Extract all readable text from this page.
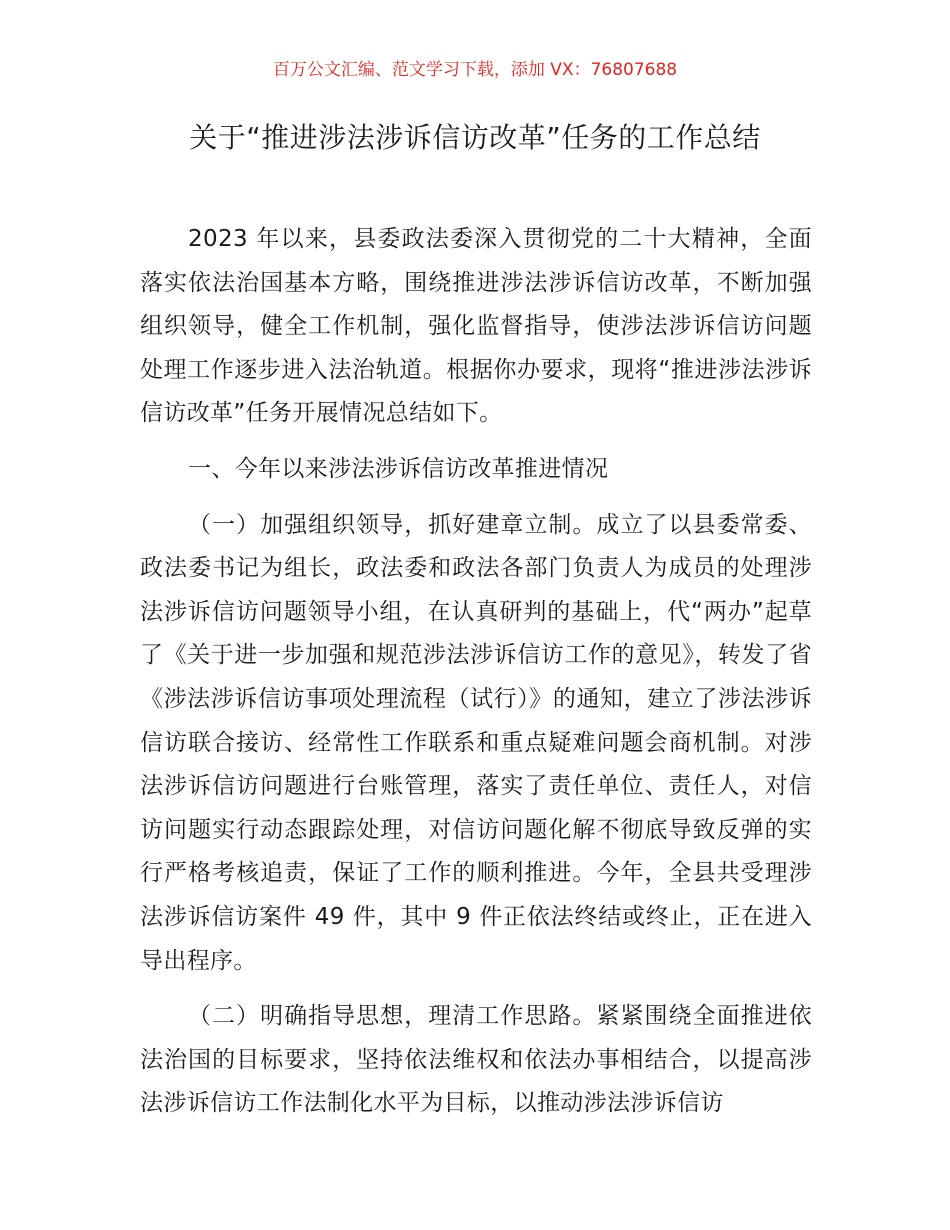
百万公文汇编、范文学习下载，添加 VX：76807688
关于“推进涉法涉诉信访改革”任务的工作总结

2023 年以来，县委政法委深入贯彻党的二十大精神，全面落实依法治国基本方略，围绕推进涉法涉诉信访改革，不断加强组织领导，健全工作机制，强化监督指导，使涉法涉诉信访问题处理工作逐步进入法治轨道。根据你办要求，现将“推进涉法涉诉信访改革”任务开展情况总结如下。

一、今年以来涉法涉诉信访改革推进情况

（一）加强组织领导，抓好建章立制。成立了以县委常委、政法委书记为组长，政法委和政法各部门负责人为成员的处理涉法涉诉信访问题领导小组，在认真研判的基础上，代“两办”起草了《关于进一步加强和规范涉法涉诉信访工作的意见》，转发了省《涉法涉诉信访事项处理流程（试行）》的通知，建立了涉法涉诉信访联合接访、经常性工作联系和重点疑难问题会商机制。对涉法涉诉信访问题进行台账管理，落实了责任单位、责任人，对信访问题实行动态跟踪处理，对信访问题化解不彻底导致反弹的实行严格考核追责，保证了工作的顺利推进。今年，全县共受理涉法涉诉信访案件 49 件，其中 9 件正依法终结或终止，正在进入导出程序。

（二）明确指导思想，理清工作思路。紧紧围绕全面推进依法治国的目标要求，坚持依法维权和依法办事相结合，以提高涉法涉诉信访工作法制化水平为目标，以推动涉法涉诉信访
